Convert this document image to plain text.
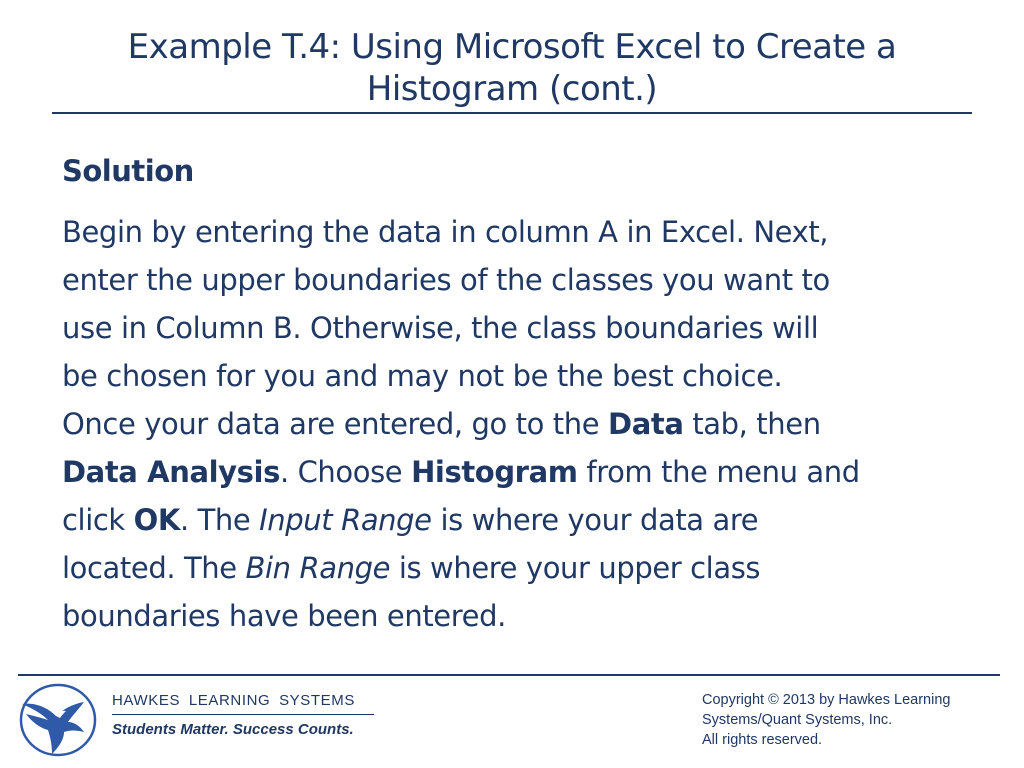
Example T.4: Using Microsoft Excel to Create a
Histogram (cont.)
Solution
Begin by entering the data in column A in Excel. Next,
enter the upper boundaries of the classes you want to
use in Column B. Otherwise, the class boundaries will
be chosen for you and may not be the best choice.
Once your data are entered, go to the Data tab, then
Data Analysis. Choose Histogram from the menu and
click OK. The Input Range is where your data are
located. The Bin Range is where your upper class
boundaries have been entered.
HAWKES LEARNING SYSTEMS
Students Matter. Success Counts.
Copyright © 2013 by Hawkes Learning
Systems/Quant Systems, Inc.
All rights reserved.
